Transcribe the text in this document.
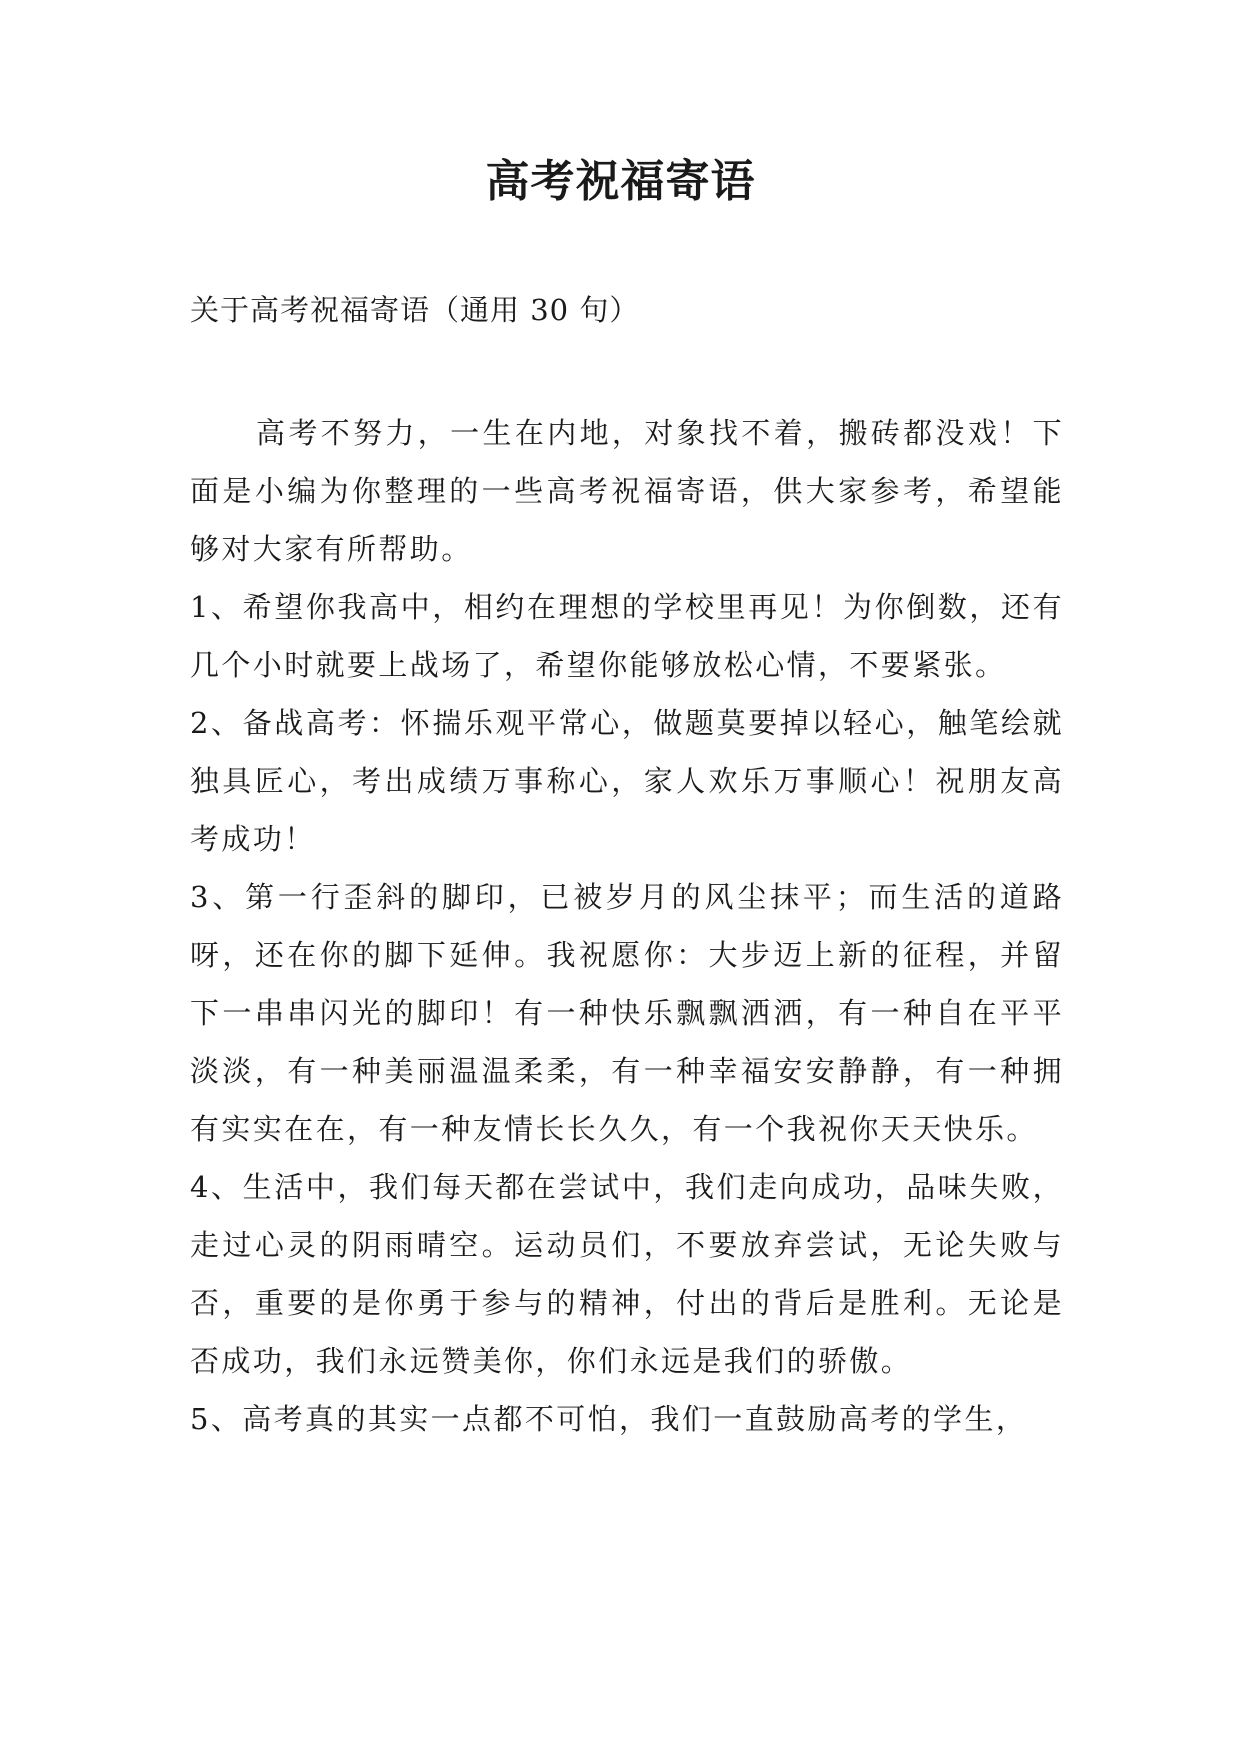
高考祝福寄语
关于高考祝福寄语（通用 30 句）

高考不努力，一生在内地，对象找不着，搬砖都没戏！下面是小编为你整理的一些高考祝福寄语，供大家参考，希望能够对大家有所帮助。

1、希望你我高中，相约在理想的学校里再见！为你倒数，还有几个小时就要上战场了，希望你能够放松心情，不要紧张。

2、备战高考：怀揣乐观平常心，做题莫要掉以轻心，触笔绘就独具匠心，考出成绩万事称心，家人欢乐万事顺心！祝朋友高考成功！

3、第一行歪斜的脚印，已被岁月的风尘抹平；而生活的道路呀，还在你的脚下延伸。我祝愿你：大步迈上新的征程，并留下一串串闪光的脚印！有一种快乐飘飘洒洒，有一种自在平平淡淡，有一种美丽温温柔柔，有一种幸福安安静静，有一种拥有实实在在，有一种友情长长久久，有一个我祝你天天快乐。

4、生活中，我们每天都在尝试中，我们走向成功，品味失败，走过心灵的阴雨晴空。运动员们，不要放弃尝试，无论失败与否，重要的是你勇于参与的精神，付出的背后是胜利。无论是否成功，我们永远赞美你，你们永远是我们的骄傲。

5、高考真的其实一点都不可怕，我们一直鼓励高考的学生，
